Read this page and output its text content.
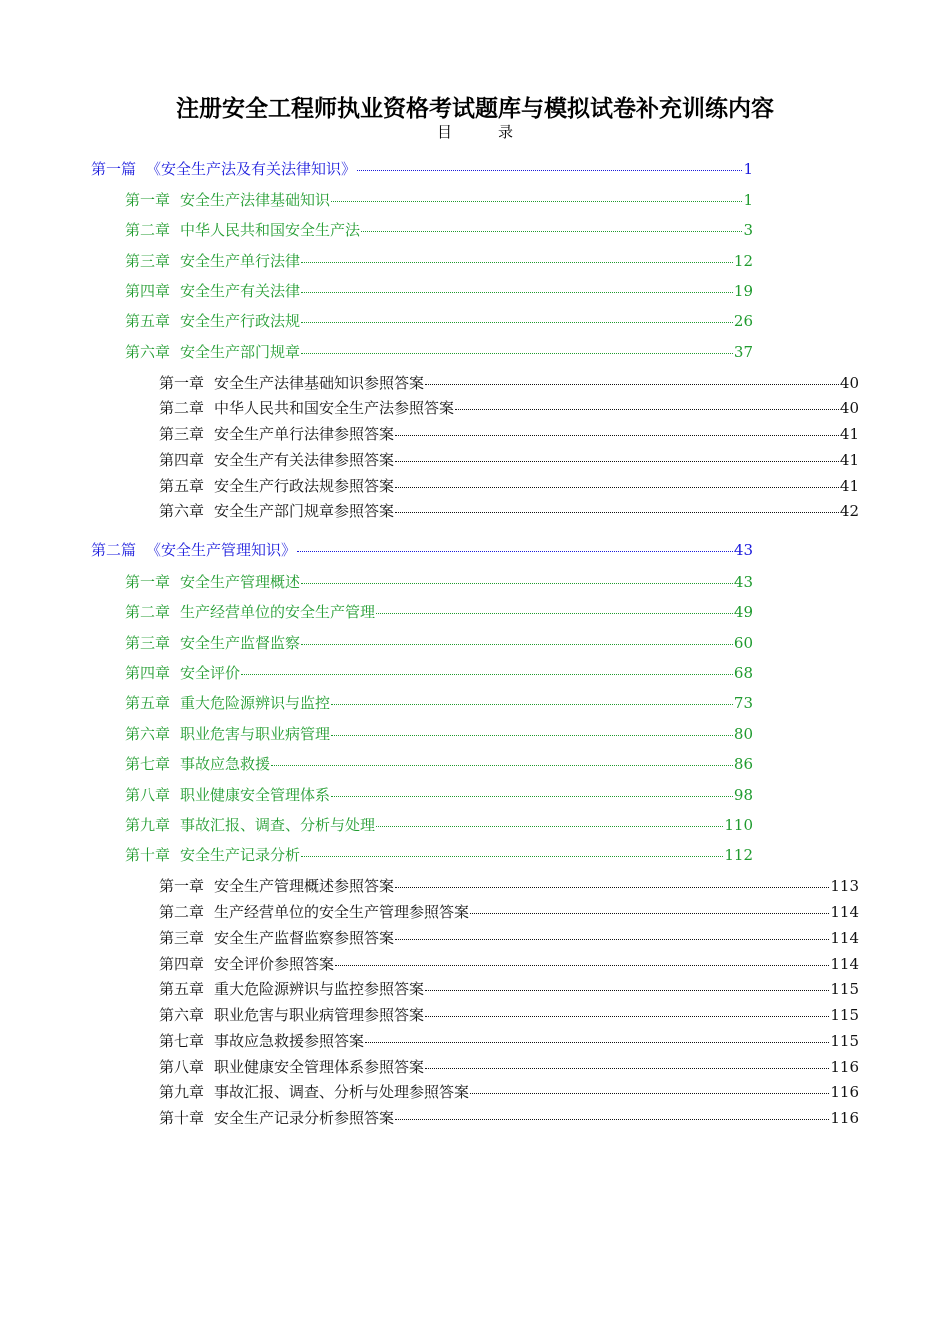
注册安全工程师执业资格考试题库与模拟试卷补充训练内容
目录
第一篇 《安全生产法及有关法律知识》	1
第一章 安全生产法律基础知识	1
第二章 中华人民共和国安全生产法	3
第三章 安全生产单行法律	12
第四章 安全生产有关法律	19
第五章 安全生产行政法规	26
第六章 安全生产部门规章	37
第一章 安全生产法律基础知识参照答案	40
第二章 中华人民共和国安全生产法参照答案	40
第三章 安全生产单行法律参照答案	41
第四章 安全生产有关法律参照答案	41
第五章 安全生产行政法规参照答案	41
第六章 安全生产部门规章参照答案	42
第二篇 《安全生产管理知识》	43
第一章 安全生产管理概述	43
第二章 生产经营单位的安全生产管理	49
第三章 安全生产监督监察	60
第四章 安全评价	68
第五章 重大危险源辨识与监控	73
第六章 职业危害与职业病管理	80
第七章 事故应急救援	86
第八章 职业健康安全管理体系	98
第九章 事故汇报、调查、分析与处理	110
第十章 安全生产记录分析	112
第一章 安全生产管理概述参照答案	113
第二章 生产经营单位的安全生产管理参照答案	114
第三章 安全生产监督监察参照答案	114
第四章 安全评价参照答案	114
第五章 重大危险源辨识与监控参照答案	115
第六章 职业危害与职业病管理参照答案	115
第七章 事故应急救援参照答案	115
第八章 职业健康安全管理体系参照答案	116
第九章 事故汇报、调查、分析与处理参照答案	116
第十章 安全生产记录分析参照答案	116
